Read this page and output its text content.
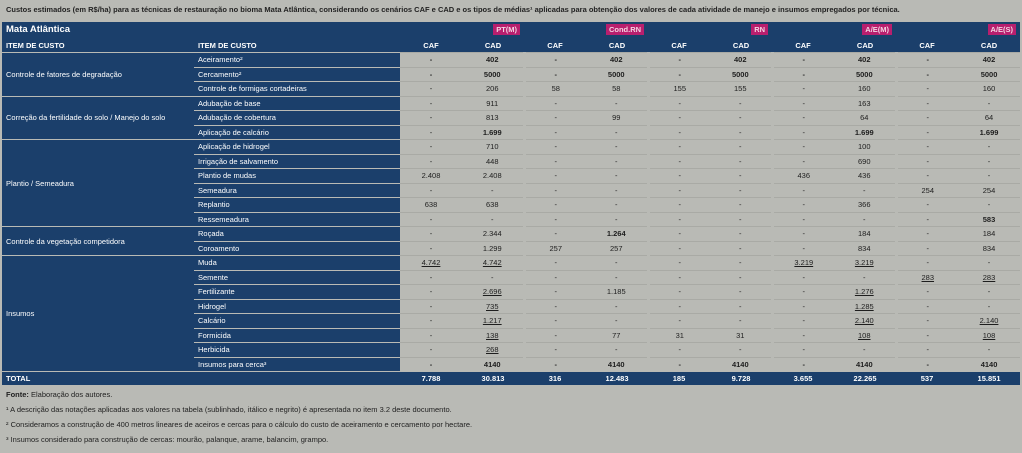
Custos estimados (em R$/ha) para as técnicas de restauração no bioma Mata Atlântica, considerando os cenários CAF e CAD e os tipos de médias¹ aplicadas para obtenção dos valores de cada atividade de manejo e insumos empregados por técnica.
Mata Atlântica		PT(M)		Cond.RN		RN		A/E(M)		A/E(S)	
ITEM DE CUSTO	ITEM DE CUSTO	CAF	CAD	CAF	CAD	CAF	CAD	CAF	CAD	CAF	CAD
Controle de fatores de degradação	Aceiramento²	-	402	-	402	-	402	-	402	-	402
	Cercamento²	-	5000	-	5000	-	5000	-	5000	-	5000
	Controle de formigas cortadeiras	-	206	58	58	155	155	-	160	-	160
Correção da fertilidade do solo / Manejo do solo	Adubação de base	-	911	-	-	-	-	-	163	-	-
	Adubação de cobertura	-	813	-	99	-	-	-	64	-	64
	Aplicação de calcário	-	1.699	-	-	-	-	-	1.699	-	1.699
Plantio / Semeadura	Aplicação de hidrogel	-	710	-	-	-	-	-	100	-	-
	Irrigação de salvamento	-	448	-	-	-	-	-	690	-	-
	Plantio de mudas	2.408	2.408	-	-	-	-	436	436	-	-
	Semeadura	-	-	-	-	-	-	-	-	254	254
	Replantio	638	638	-	-	-	-	-	366	-	-
	Ressemeadura	-	-	-	-	-	-	-	-	-	583
Controle da vegetação competidora	Roçada	-	2.344	-	1.264	-	-	-	184	-	184
	Coroamento	-	1.299	257	257	-	-	-	834	-	834
Insumos	Muda	4.742	4.742	-	-	-	-	3.219	3.219	-	-
	Semente	-	-	-	-	-	-	-	-	283	283
	Fertilizante	-	2.696	-	1.185	-	-	-	1.276	-	-
	Hidrogel	-	735	-	-	-	-	-	1.285	-	-
	Calcário	-	1.217	-	-	-	-	-	2.140	-	2.140
	Formicida	-	138	-	77	31	31	-	108	-	108
	Herbicida	-	268	-	-	-	-	-	-	-	-
	Insumos para cerca³	-	4140	-	4140	-	4140	-	4140	-	4140
TOTAL		7.788	30.813	316	12.483	185	9.728	3.655	22.265	537	15.851
Fonte: Elaboração dos autores.
¹ A descrição das notações aplicadas aos valores na tabela (sublinhado, itálico e negrito) é apresentada no item 3.2 deste documento.
² Consideramos a construção de 400 metros lineares de aceiros e cercas para o cálculo do custo de aceiramento e cercamento por hectare.
³ Insumos considerado para construção de cercas: mourão, palanque, arame, balancim, grampo.
